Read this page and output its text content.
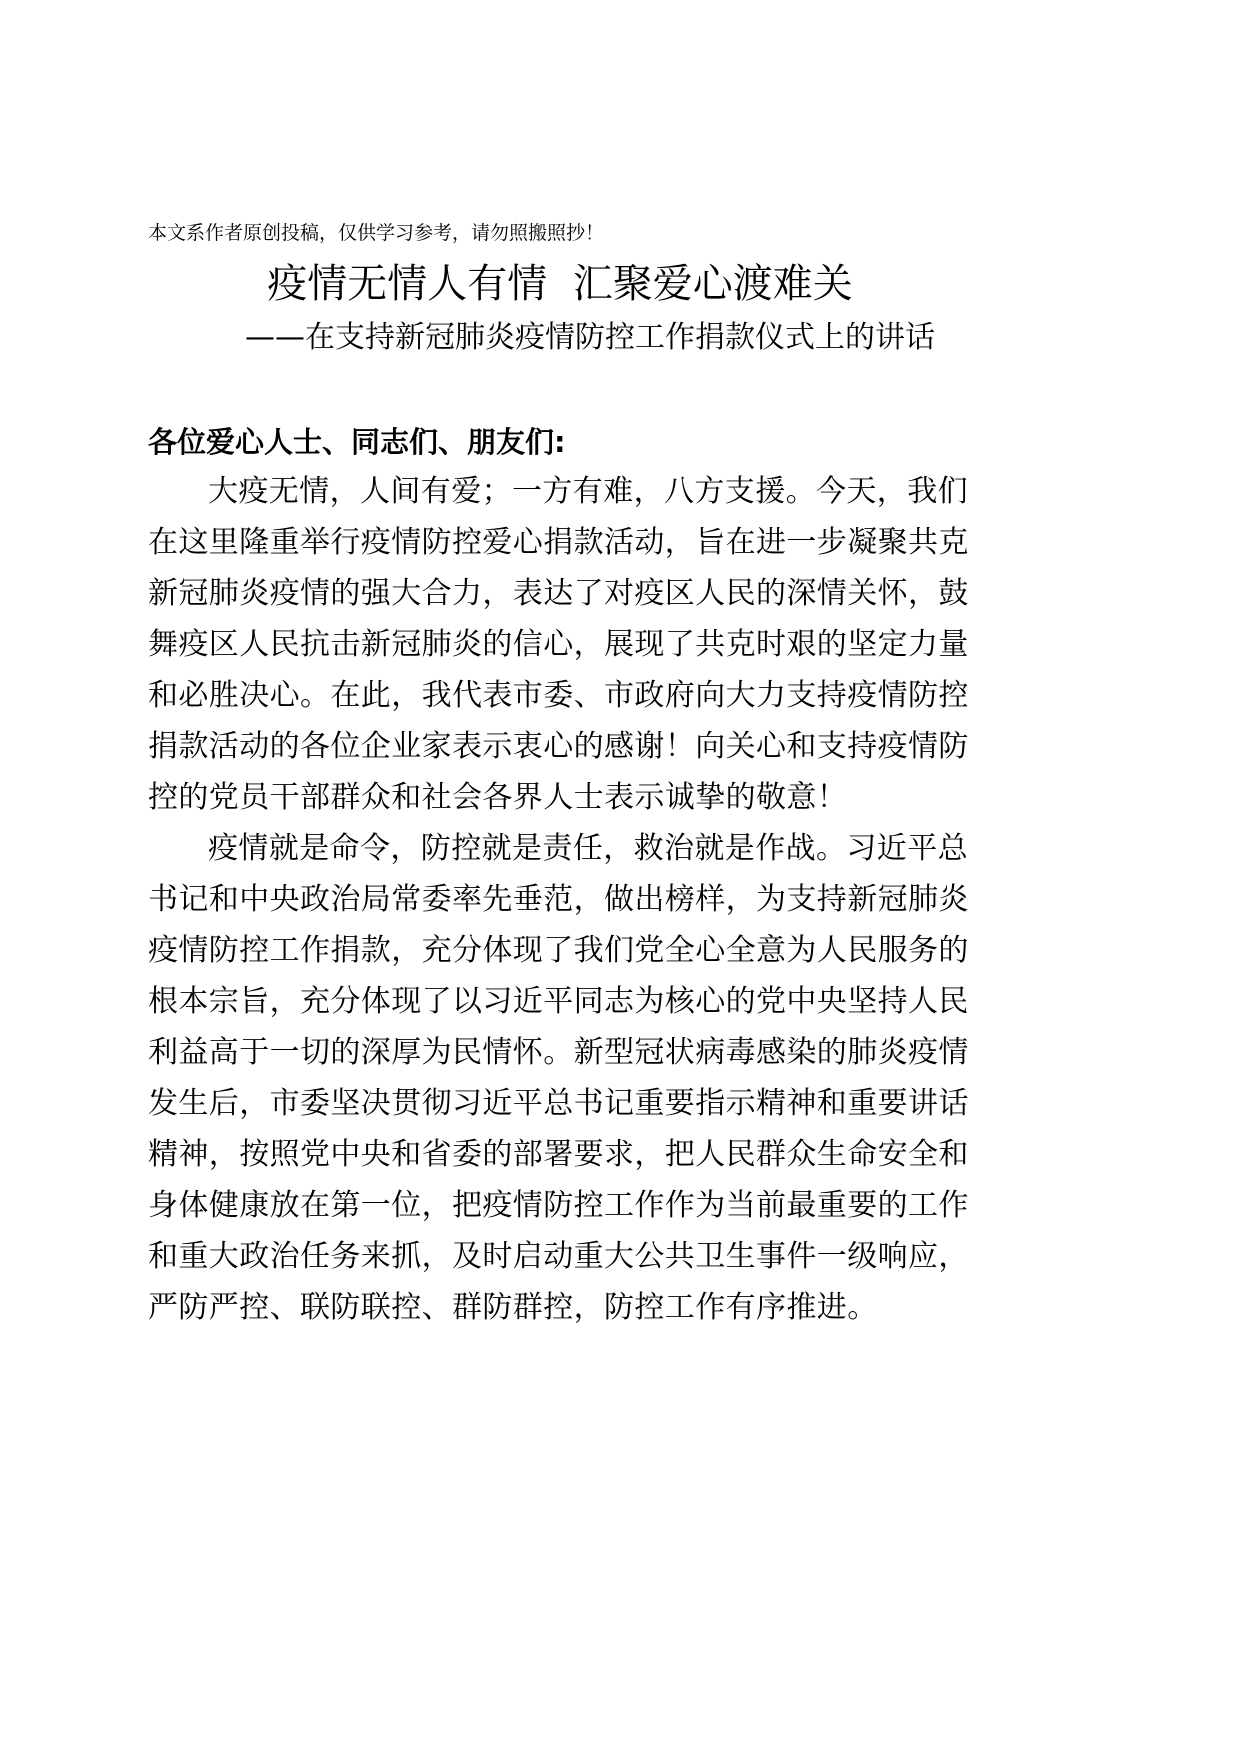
本文系作者原创投稿，仅供学习参考，请勿照搬照抄！
疫情无情人有情  汇聚爱心渡难关
——在支持新冠肺炎疫情防控工作捐款仪式上的讲话
各位爱心人士、同志们、朋友们:
大疫无情，人间有爱；一方有难，八方支援。今天，我们
在这里隆重举行疫情防控爱心捐款活动，旨在进一步凝聚共克
新冠肺炎疫情的强大合力，表达了对疫区人民的深情关怀，鼓
舞疫区人民抗击新冠肺炎的信心，展现了共克时艰的坚定力量
和必胜决心。在此，我代表市委、市政府向大力支持疫情防控
捐款活动的各位企业家表示衷心的感谢！向关心和支持疫情防
控的党员干部群众和社会各界人士表示诚挚的敬意！
疫情就是命令，防控就是责任，救治就是作战。习近平总
书记和中央政治局常委率先垂范，做出榜样，为支持新冠肺炎
疫情防控工作捐款，充分体现了我们党全心全意为人民服务的
根本宗旨，充分体现了以习近平同志为核心的党中央坚持人民
利益高于一切的深厚为民情怀。新型冠状病毒感染的肺炎疫情
发生后，市委坚决贯彻习近平总书记重要指示精神和重要讲话
精神，按照党中央和省委的部署要求，把人民群众生命安全和
身体健康放在第一位，把疫情防控工作作为当前最重要的工作
和重大政治任务来抓，及时启动重大公共卫生事件一级响应，
严防严控、联防联控、群防群控，防控工作有序推进。
